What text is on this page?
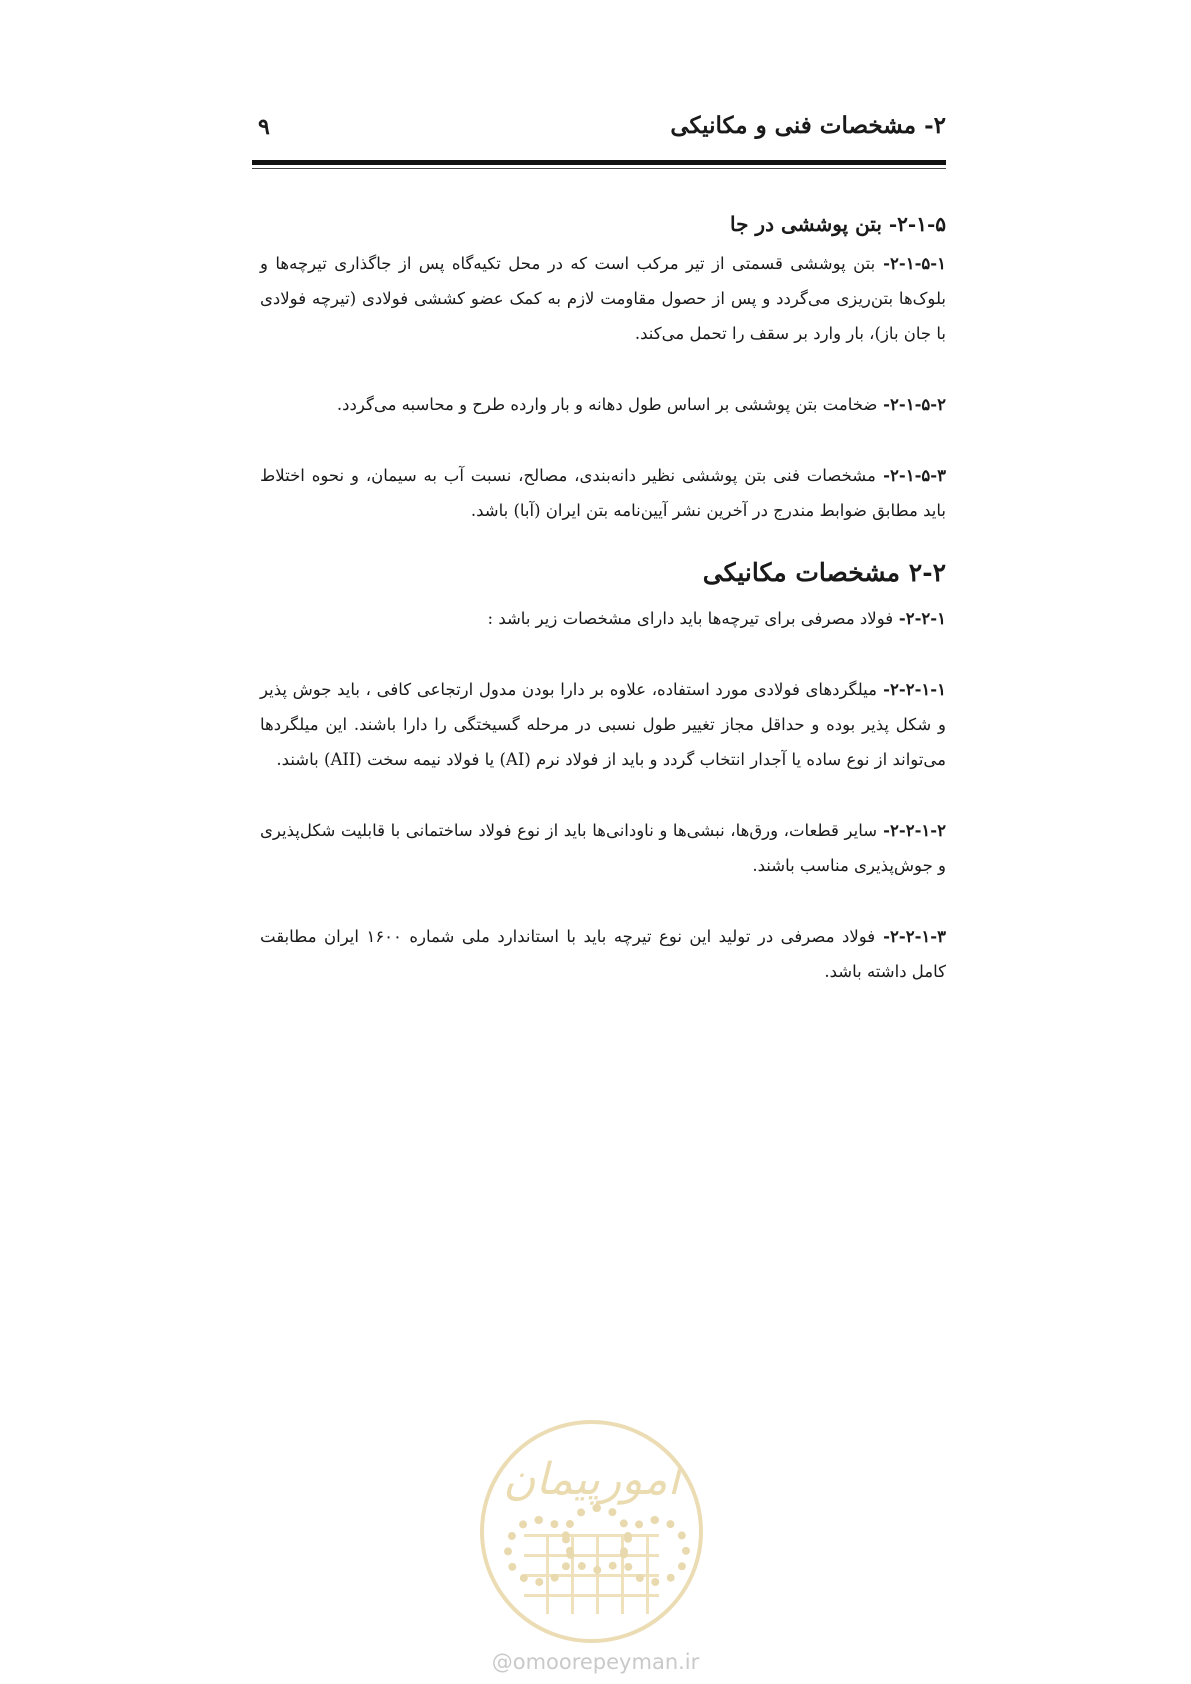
۲- مشخصات فنی و مکانیکی
۹
۲-۱-۵- بتن پوششی در جا

۲-۱-۵-۱- بتن پوششی قسمتی از تیر مرکب است که در محل تکیه‌گاه پس از جاگذاری تیرچه‌ها و بلوک‌ها بتن‌ریزی می‌گردد و پس از حصول مقاومت لازم به کمک عضو کششی فولادی (تیرچه فولادی با جان باز)، بار وارد بر سقف را تحمل می‌کند.

۲-۱-۵-۲- ضخامت بتن پوششی بر اساس طول دهانه و بار وارده طرح و محاسبه می‌گردد.

۲-۱-۵-۳- مشخصات فنی بتن پوششی نظیر دانه‌بندی، مصالح، نسبت آب به سیمان، و نحوه اختلاط باید مطابق ضوابط مندرج در آخرین نشر آیین‌نامه بتن ایران (آبا) باشد.

۲-۲ مشخصات مکانیکی

۲-۲-۱- فولاد مصرفی برای تیرچه‌ها باید دارای مشخصات زیر باشد :

۲-۲-۱-۱- میلگردهای فولادی مورد استفاده، علاوه بر دارا بودن مدول ارتجاعی کافی ، باید جوش پذیر و شکل پذیر بوده و حداقل مجاز تغییر طول نسبی در مرحله گسیختگی را دارا باشند. این میلگردها می‌تواند از نوع ساده یا آجدار انتخاب گردد و باید از فولاد نرم (AI) یا فولاد نیمه سخت (AII) باشند.

۲-۲-۱-۲- سایر قطعات، ورق‌ها، نبشی‌ها و ناودانی‌ها باید از نوع فولاد ساختمانی با قابلیت شکل‌پذیری و جوش‌پذیری مناسب باشند.

۲-۲-۱-۳- فولاد مصرفی در تولید این نوع تیرچه باید با استاندارد ملی شماره ۱۶۰۰ ایران مطابقت کامل داشته باشد.

امورپیمان
@omoorepeyman.ir
